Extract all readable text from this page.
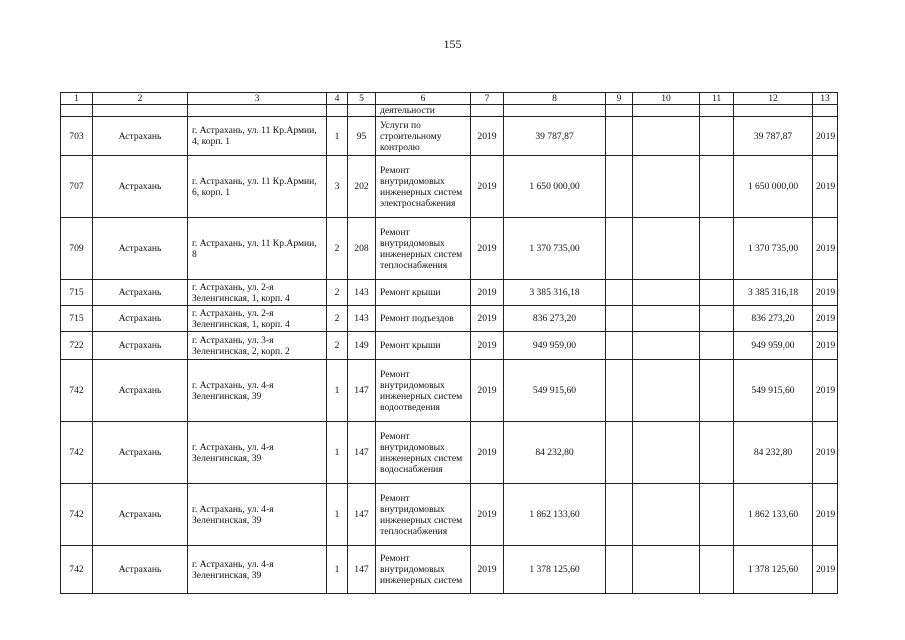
155
1	2	3	4	5	6	7	8	9	10	11	12	13
					деятельности							
703	Астрахань	г. Астрахань, ул. 11 Кр.Армии, 4, корп. 1	1	95	Услуги по строительному контролю	2019	39 787,87				39 787,87	2019
707	Астрахань	г. Астрахань, ул. 11 Кр.Армии, 6, корп. 1	3	202	Ремонт внутридомовых инженерных систем электроснабжения	2019	1 650 000,00				1 650 000,00	2019
709	Астрахань	г. Астрахань, ул. 11 Кр.Армии, 8	2	208	Ремонт внутридомовых инженерных систем теплоснабжения	2019	1 370 735,00				1 370 735,00	2019
715	Астрахань	г. Астрахань, ул. 2-я Зеленгинская, 1, корп. 4	2	143	Ремонт крыши	2019	3 385 316,18				3 385 316,18	2019
715	Астрахань	г. Астрахань, ул. 2-я Зеленгинская, 1, корп. 4	2	143	Ремонт подъездов	2019	836 273,20				836 273,20	2019
722	Астрахань	г. Астрахань, ул. 3-я Зеленгинская, 2, корп. 2	2	149	Ремонт крыши	2019	949 959,00				949 959,00	2019
742	Астрахань	г. Астрахань, ул. 4-я Зеленгинская, 39	1	147	Ремонт внутридомовых инженерных систем водоотведения	2019	549 915,60				549 915,60	2019
742	Астрахань	г. Астрахань, ул. 4-я Зеленгинская, 39	1	147	Ремонт внутридомовых инженерных систем водоснабжения	2019	84 232,80				84 232,80	2019
742	Астрахань	г. Астрахань, ул. 4-я Зеленгинская, 39	1	147	Ремонт внутридомовых инженерных систем теплоснабжения	2019	1 862 133,60				1 862 133,60	2019
742	Астрахань	г. Астрахань, ул. 4-я Зеленгинская, 39	1	147	Ремонт внутридомовых инженерных систем	2019	1 378 125,60				1 378 125,60	2019
